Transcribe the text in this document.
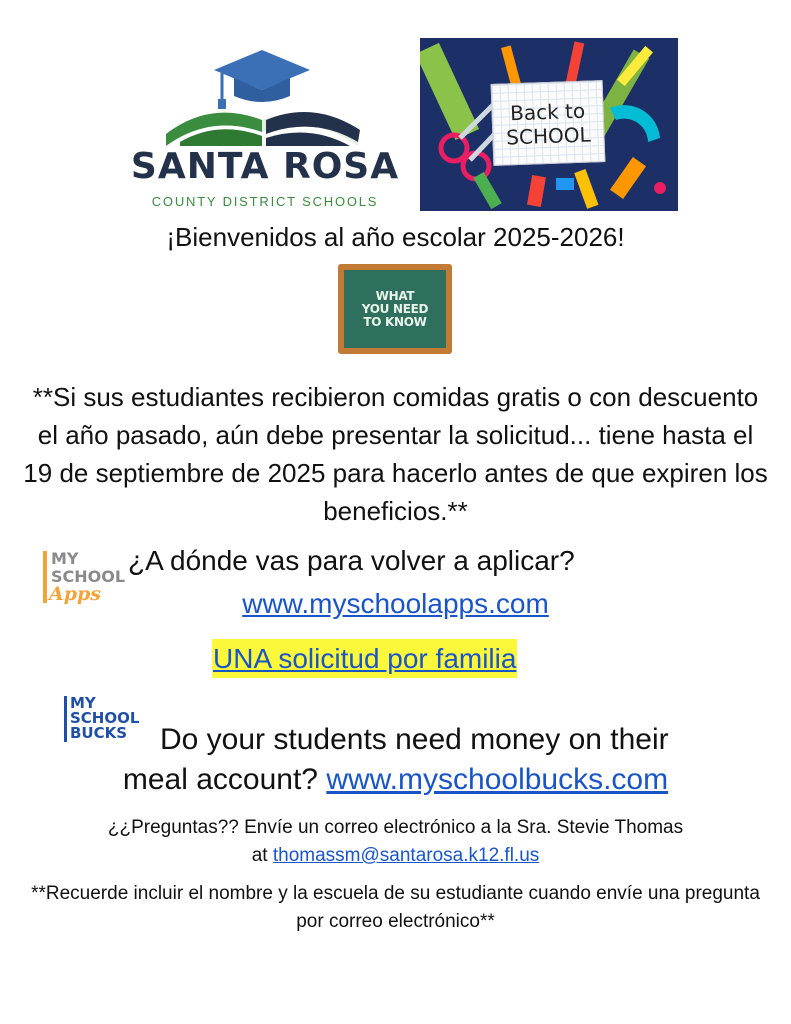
SANTA ROSA
COUNTY DISTRICT SCHOOLS
Back to
SCHOOL
¡Bienvenidos al año escolar 2025-2026!
WHAT
YOU NEED
TO KNOW
**Si sus estudiantes recibieron comidas gratis o con descuento el año pasado, aún debe presentar la solicitud... tiene hasta el 19 de septiembre de 2025 para hacerlo antes de que expiren los beneficios.**
MY
SCHOOL
Apps
¿A dónde vas para volver a aplicar?
www.myschoolapps.com
UNA solicitud por familia
MY
SCHOOL
BUCKS	Do your students need money on their
meal account? www.myschoolbucks.com
¿¿Preguntas?? Envíe un correo electrónico a la Sra. Stevie Thomas
at thomassm@santarosa.k12.fl.us
**Recuerde incluir el nombre y la escuela de su estudiante cuando envíe una pregunta por correo electrónico**
